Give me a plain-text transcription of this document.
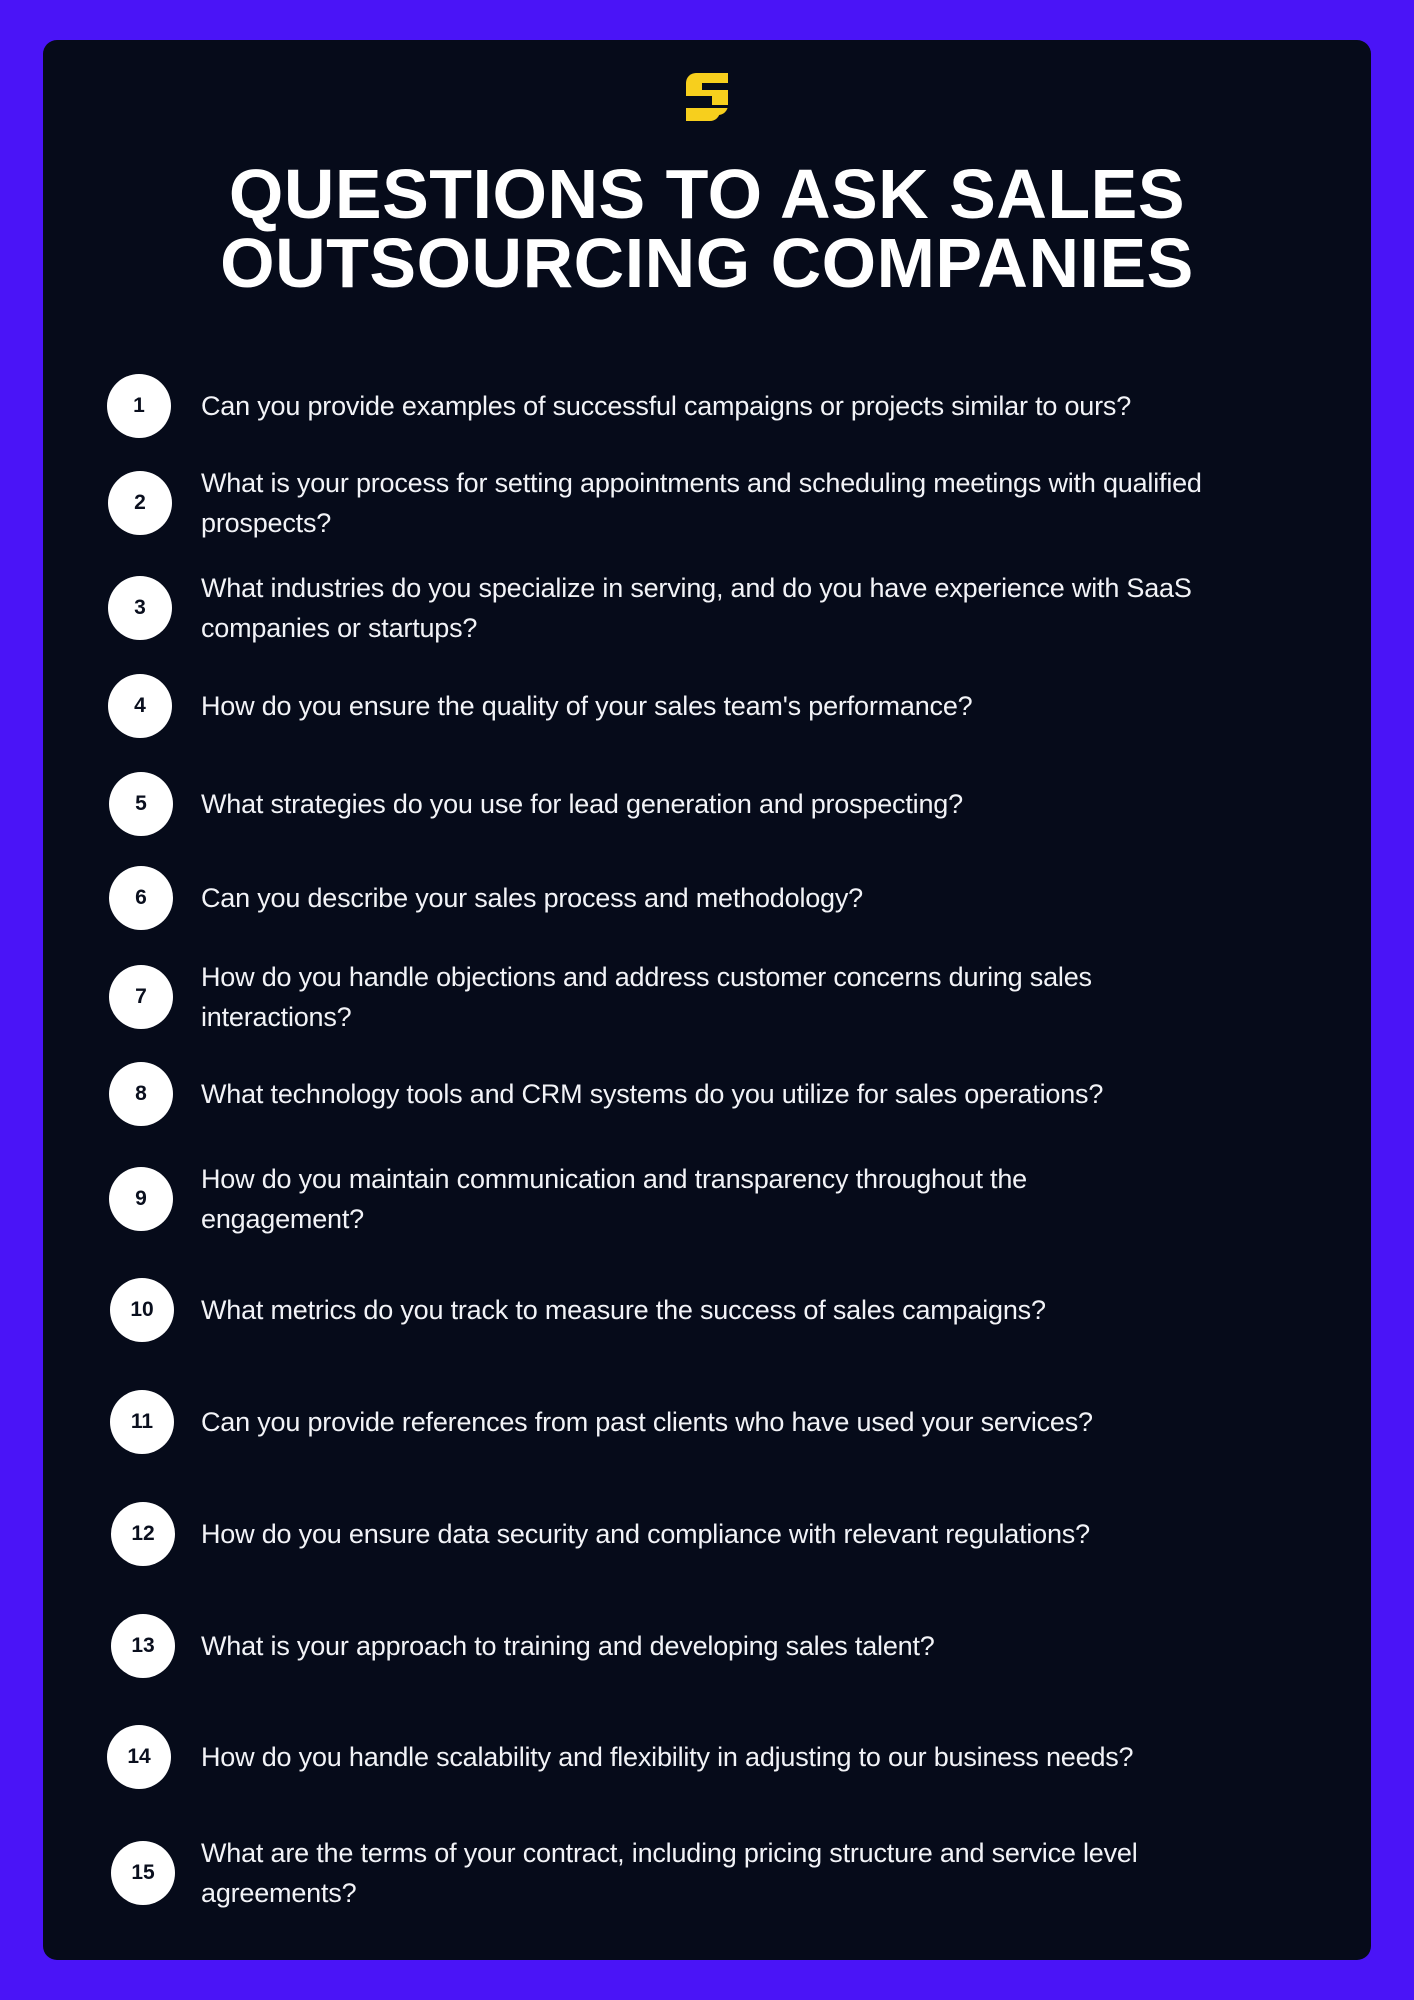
QUESTIONS TO ASK SALES
OUTSOURCING COMPANIES
1	Can you provide examples of successful campaigns or projects similar to ours?
2
What is your process for setting appointments and scheduling meetings with qualified prospects?
3
What industries do you specialize in serving, and do you have experience with SaaS companies or startups?
4	How do you ensure the quality of your sales team's performance?
5	What strategies do you use for lead generation and prospecting?
6	Can you describe your sales process and methodology?
7
How do you handle objections and address customer concerns during sales interactions?
8	What technology tools and CRM systems do you utilize for sales operations?
9
How do you maintain communication and transparency throughout the engagement?
10	What metrics do you track to measure the success of sales campaigns?
11	Can you provide references from past clients who have used your services?
12	How do you ensure data security and compliance with relevant regulations?
13	What is your approach to training and developing sales talent?
14	How do you handle scalability and flexibility in adjusting to our business needs?
15
What are the terms of your contract, including pricing structure and service level agreements?
